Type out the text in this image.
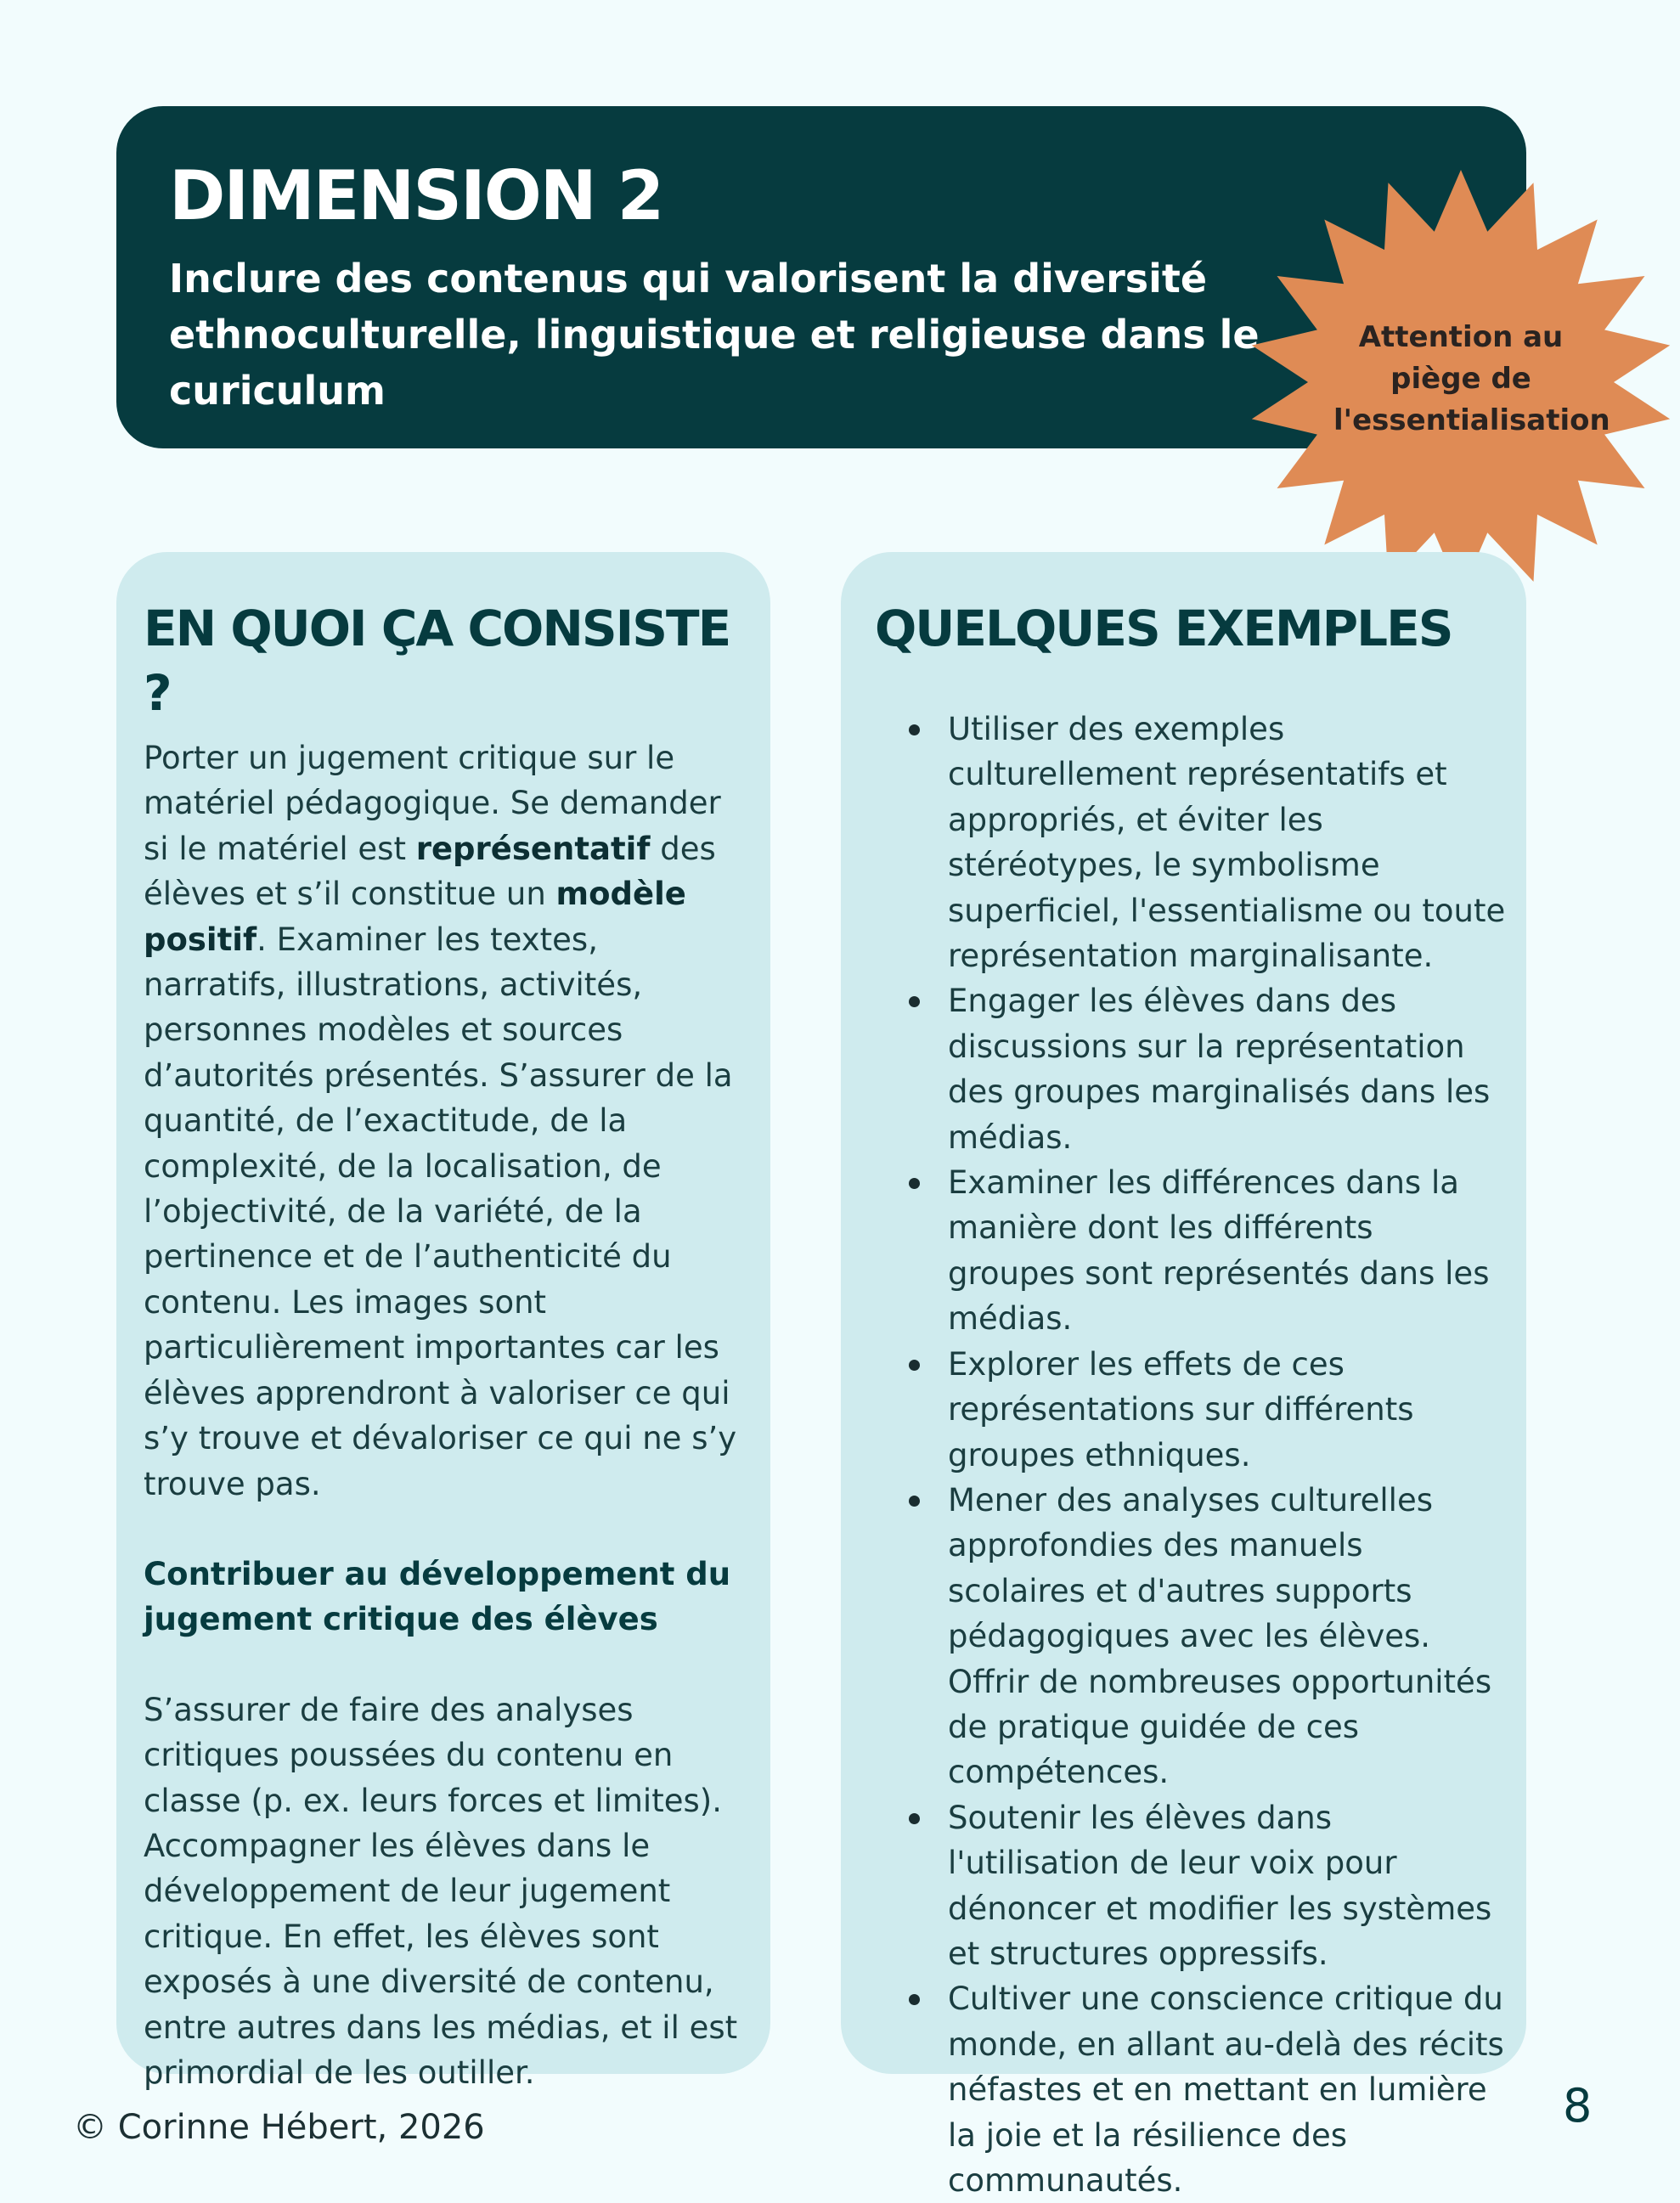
DIMENSION 2

Inclure des contenus qui valorisent la diversité ethnoculturelle, linguistique et religieuse dans le curiculum

Attention au piège de l'essentialisation
EN QUOI ÇA CONSISTE ?

Porter un jugement critique sur le matériel pédagogique. Se demander si le matériel est représentatif des élèves et s’il constitue un modèle positif. Examiner les textes, narratifs, illustrations, activités, personnes modèles et sources d’autorités présentés. S’assurer de la quantité, de l’exactitude, de la complexité, de la localisation, de l’objectivité, de la variété, de la pertinence et de l’authenticité du contenu. Les images sont particulièrement importantes car les élèves apprendront à valoriser ce qui s’y trouve et dévaloriser ce qui ne s’y trouve pas.

Contribuer au développement du jugement critique des élèves

S’assurer de faire des analyses critiques poussées du contenu en classe (p. ex. leurs forces et limites). Accompagner les élèves dans le développement de leur jugement critique. En effet, les élèves sont exposés à une diversité de contenu, entre autres dans les médias, et il est primordial de les outiller.

QUELQUES EXEMPLES
Utiliser des exemples culturellement représentatifs et appropriés, et éviter les stéréotypes, le symbolisme superficiel, l'essentialisme ou toute représentation marginalisante.
Engager les élèves dans des discussions sur la représentation des groupes marginalisés dans les médias.
Examiner les différences dans la manière dont les différents groupes sont représentés dans les médias.
Explorer les effets de ces représentations sur différents groupes ethniques.
Mener des analyses culturelles approfondies des manuels scolaires et d'autres supports pédagogiques avec les élèves. Offrir de nombreuses opportunités de pratique guidée de ces compétences.
Soutenir les élèves dans l'utilisation de leur voix pour dénoncer et modifier les systèmes et structures oppressifs.
Cultiver une conscience critique du monde, en allant au-delà des récits néfastes et en mettant en lumière la joie et la résilience des communautés.
© Corinne Hébert, 2026	8
